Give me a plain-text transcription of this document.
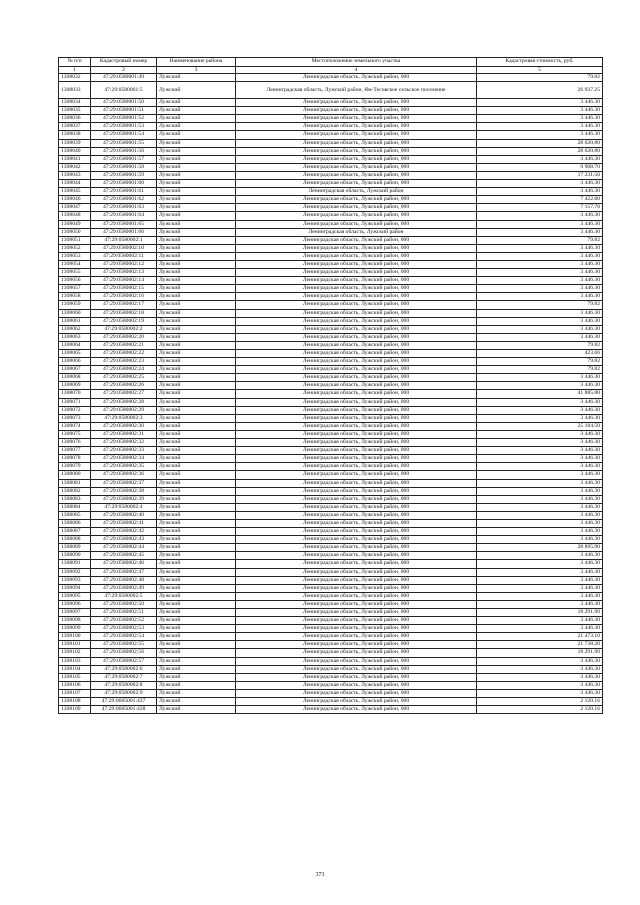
№ п/п	Кадастровый номер	Наименование района	Местоположение земельного участка	Кадастровая стоимость, руб.
1	2	3	4	5
1308032	47:29:0580001:49	Лужский	Ленинградская область, Лужский район, 000	79.82
1308033	47:29:0580001:5	Лужский	Ленинградская область, Лужский район, Ям-Тесовское сельское поселение	26 937.25
1308034	47:29:0580001:50	Лужский	Ленинградская область, Лужский район, 000	3 446.30
1308035	47:29:0580001:51	Лужский	Ленинградская область, Лужский район, 000	3 446.30
1308036	47:29:0580001:52	Лужский	Ленинградская область, Лужский район, 000	3 446.30
1308037	47:29:0580001:53	Лужский	Ленинградская область, Лужский район, 000	3 446.30
1308038	47:29:0580001:54	Лужский	Ленинградская область, Лужский район, 000	3 446.30
1308039	47:29:0580001:55	Лужский	Ленинградская область, Лужский район, 000	28 620.80
1308040	47:29:0580001:56	Лужский	Ленинградская область, Лужский район, 000	28 620.80
1308041	47:29:0580001:57	Лужский	Ленинградская область, Лужский район, 000	3 446.30
1308042	47:29:0580001:58	Лужский	Ленинградская область, Лужский район, 000	9 908.70
1308043	47:29:0580001:59	Лужский	Ленинградская область, Лужский район, 000	17 231.50
1308044	47:29:0580001:60	Лужский	Ленинградская область, Лужский район, 000	3 446.30
1308045	47:29:0580001:61	Лужский	Ленинградская область, Лужский район	3 446.30
1308046	47:29:0580001:62	Лужский	Ленинградская область, Лужский район, 000	7 422.80
1308047	47:29:0580001:63	Лужский	Ленинградская область, Лужский район, 000	7 157.70
1308048	47:29:0580001:64	Лужский	Ленинградская область, Лужский район, 000	3 446.30
1308049	47:29:0580001:65	Лужский	Ленинградская область, Лужский район, 000	3 446.30
1308050	47:29:0580001:66	Лужский	Ленинградская область, Лужский район	3 446.30
1308051	47:29:0580002:1	Лужский	Ленинградская область, Лужский район, 000	79.82
1308052	47:29:0580002:10	Лужский	Ленинградская область, Лужский район, 000	3 446.30
1308053	47:29:0580002:11	Лужский	Ленинградская область, Лужский район, 000	3 446.30
1308054	47:29:0580002:12	Лужский	Ленинградская область, Лужский район, 000	3 446.30
1308055	47:29:0580002:13	Лужский	Ленинградская область, Лужский район, 000	3 446.30
1308056	47:29:0580002:14	Лужский	Ленинградская область, Лужский район, 000	3 446.30
1308057	47:29:0580002:15	Лужский	Ленинградская область, Лужский район, 000	3 446.30
1308058	47:29:0580002:16	Лужский	Ленинградская область, Лужский район, 000	3 446.30
1308059	47:29:0580002:17	Лужский	Ленинградская область, Лужский район, 000	79.82
1308060	47:29:0580002:18	Лужский	Ленинградская область, Лужский район, 000	3 446.30
1308061	47:29:0580002:19	Лужский	Ленинградская область, Лужский район, 000	3 446.30
1308062	47:29:0580002:2	Лужский	Ленинградская область, Лужский район, 000	3 446.30
1308063	47:29:0580002:20	Лужский	Ленинградская область, Лужский район, 000	3 446.30
1308064	47:29:0580002:21	Лужский	Ленинградская область, Лужский район, 000	79.82
1308065	47:29:0580002:22	Лужский	Ленинградская область, Лужский район, 000	423.66
1308066	47:29:0580002:23	Лужский	Ленинградская область, Лужский район, 000	79.82
1308067	47:29:0580002:24	Лужский	Ленинградская область, Лужский район, 000	79.82
1308068	47:29:0580002:25	Лужский	Ленинградская область, Лужский район, 000	3 446.30
1308069	47:29:0580002:26	Лужский	Ленинградская область, Лужский район, 000	3 446.30
1308070	47:29:0580002:27	Лужский	Ленинградская область, Лужский район, 000	41 885.80
1308071	47:29:0580002:28	Лужский	Ленинградская область, Лужский район, 000	3 446.30
1308072	47:29:0580002:29	Лужский	Ленинградская область, Лужский район, 000	3 446.30
1308073	47:29:0580002:3	Лужский	Ленинградская область, Лужский район, 000	3 446.30
1308074	47:29:0580002:30	Лужский	Ленинградская область, Лужский район, 000	25 184.50
1308075	47:29:0580002:31	Лужский	Ленинградская область, Лужский район, 000	3 446.30
1308076	47:29:0580002:32	Лужский	Ленинградская область, Лужский район, 000	3 446.30
1308077	47:29:0580002:33	Лужский	Ленинградская область, Лужский район, 000	3 446.30
1308078	47:29:0580002:34	Лужский	Ленинградская область, Лужский район, 000	3 446.30
1308079	47:29:0580002:35	Лужский	Ленинградская область, Лужский район, 000	3 446.30
1308080	47:29:0580002:36	Лужский	Ленинградская область, Лужский район, 000	3 446.30
1308081	47:29:0580002:37	Лужский	Ленинградская область, Лужский район, 000	3 446.30
1308082	47:29:0580002:38	Лужский	Ленинградская область, Лужский район, 000	3 446.30
1308083	47:29:0580002:39	Лужский	Ленинградская область, Лужский район, 000	3 446.30
1308084	47:29:0580002:4	Лужский	Ленинградская область, Лужский район, 000	3 446.30
1308085	47:29:0580002:40	Лужский	Ленинградская область, Лужский район, 000	3 446.30
1308086	47:29:0580002:41	Лужский	Ленинградская область, Лужский район, 000	3 446.30
1308087	47:29:0580002:42	Лужский	Ленинградская область, Лужский район, 000	3 446.30
1308088	47:29:0580002:43	Лужский	Ленинградская область, Лужский район, 000	3 446.30
1308089	47:29:0580002:44	Лужский	Ленинградская область, Лужский район, 000	28 895.90
1308090	47:29:0580002:45	Лужский	Ленинградская область, Лужский район, 000	3 446.30
1308091	47:29:0580002:46	Лужский	Ленинградская область, Лужский район, 000	3 446.30
1308092	47:29:0580002:47	Лужский	Ленинградская область, Лужский район, 000	3 446.30
1308093	47:29:0580002:48	Лужский	Ленинградская область, Лужский район, 000	3 446.30
1308094	47:29:0580002:49	Лужский	Ленинградская область, Лужский район, 000	3 446.30
1308095	47:29:0580002:5	Лужский	Ленинградская область, Лужский район, 000	3 446.30
1308096	47:29:0580002:50	Лужский	Ленинградская область, Лужский район, 000	3 446.30
1308097	47:29:0580002:51	Лужский	Ленинградская область, Лужский район, 000	18 291.90
1308098	47:29:0580002:52	Лужский	Ленинградская область, Лужский район, 000	3 446.30
1308099	47:29:0580002:53	Лужский	Ленинградская область, Лужский район, 000	3 446.30
1308100	47:29:0580002:54	Лужский	Ленинградская область, Лужский район, 000	21 473.10
1308101	47:29:0580002:55	Лужский	Ленинградская область, Лужский район, 000	21 738.20
1308102	47:29:0580002:56	Лужский	Ленинградская область, Лужский район, 000	18 291.90
1308103	47:29:0580002:57	Лужский	Ленинградская область, Лужский район, 000	3 446.30
1308104	47:29:0580002:6	Лужский	Ленинградская область, Лужский район, 000	3 446.30
1308105	47:29:0580002:7	Лужский	Ленинградская область, Лужский район, 000	3 446.30
1308106	47:29:0580002:8	Лужский	Ленинградская область, Лужский район, 000	3 446.30
1308107	47:29:0580002:9	Лужский	Ленинградская область, Лужский район, 000	3 446.30
1308108	47:29:0605001:437	Лужский	Ленинградская область, Лужский район, 000	2 120.16
1308109	47:29:0605001:438	Лужский	Ленинградская область, Лужский район, 000	2 120.16
373
